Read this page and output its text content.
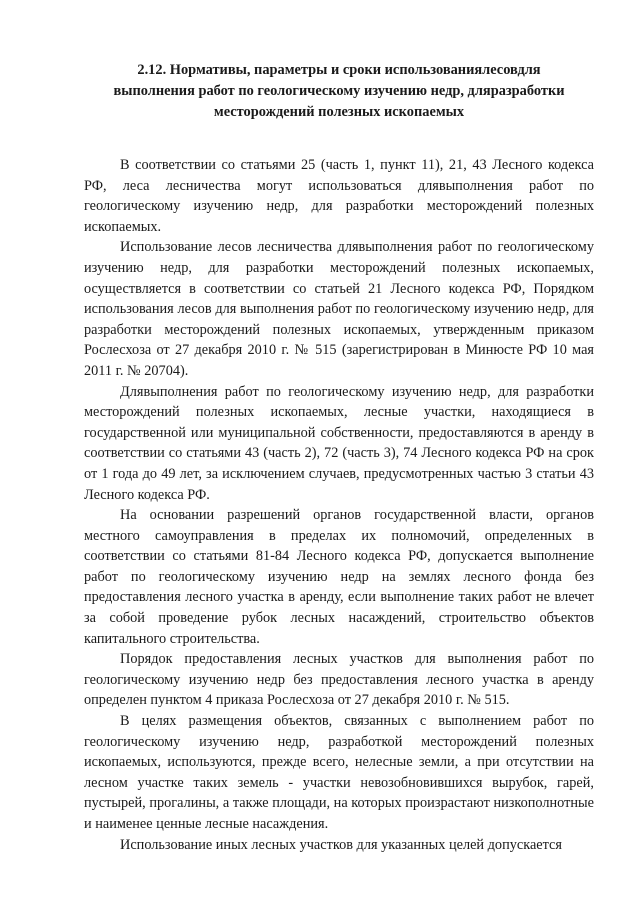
2.12. Нормативы, параметры и сроки использованиялесовдля
выполнения работ по геологическому изучению недр, дляразработки
месторождений полезных ископаемых

В соответствии со статьями 25 (часть 1, пункт 11), 21, 43 Лесного кодекса РФ, леса лесничества могут использоваться длявыполнения работ по геологическому изучению недр, для разработки месторождений полезных ископаемых.

Использование лесов лесничества длявыполнения работ по геологическому изучению недр, для разработки месторождений полезных ископаемых, осуществляется в соответствии со статьей 21 Лесного кодекса РФ, Порядком использования лесов для выполнения работ по геологическому изучению недр, для разработки месторождений полезных ископаемых, утвержденным приказом Рослесхоза от 27 декабря 2010 г. № 515 (зарегистрирован в Минюсте РФ 10 мая 2011 г. № 20704).

Длявыполнения работ по геологическому изучению недр, для разработки месторождений полезных ископаемых, лесные участки, находящиеся в государственной или муниципальной собственности, предоставляются в аренду в соответствии со статьями 43 (часть 2), 72 (часть 3), 74 Лесного кодекса РФ на срок от 1 года до 49 лет, за исключением случаев, предусмотренных частью 3 статьи 43 Лесного кодекса РФ.

На основании разрешений органов государственной власти, органов местного самоуправления в пределах их полномочий, определенных в соответствии со статьями 81-84 Лесного кодекса РФ, допускается выполнение работ по геологическому изучению недр на землях лесного фонда без предоставления лесного участка в аренду, если выполнение таких работ не влечет за собой проведение рубок лесных насаждений, строительство объектов капитального строительства.

Порядок предоставления лесных участков для выполнения работ по геологическому изучению недр без предоставления лесного участка в аренду определен пунктом 4 приказа Рослесхоза от 27 декабря 2010 г. № 515.

В целях размещения объектов, связанных с выполнением работ по геологическому изучению недр, разработкой месторождений полезных ископаемых, используются, прежде всего, нелесные земли, а при отсутствии на лесном участке таких земель - участки невозобновившихся вырубок, гарей, пустырей, прогалины, а также площади, на которых произрастают низкополнотные и наименее ценные лесные насаждения.

Использование иных лесных участков для указанных целей допускается
